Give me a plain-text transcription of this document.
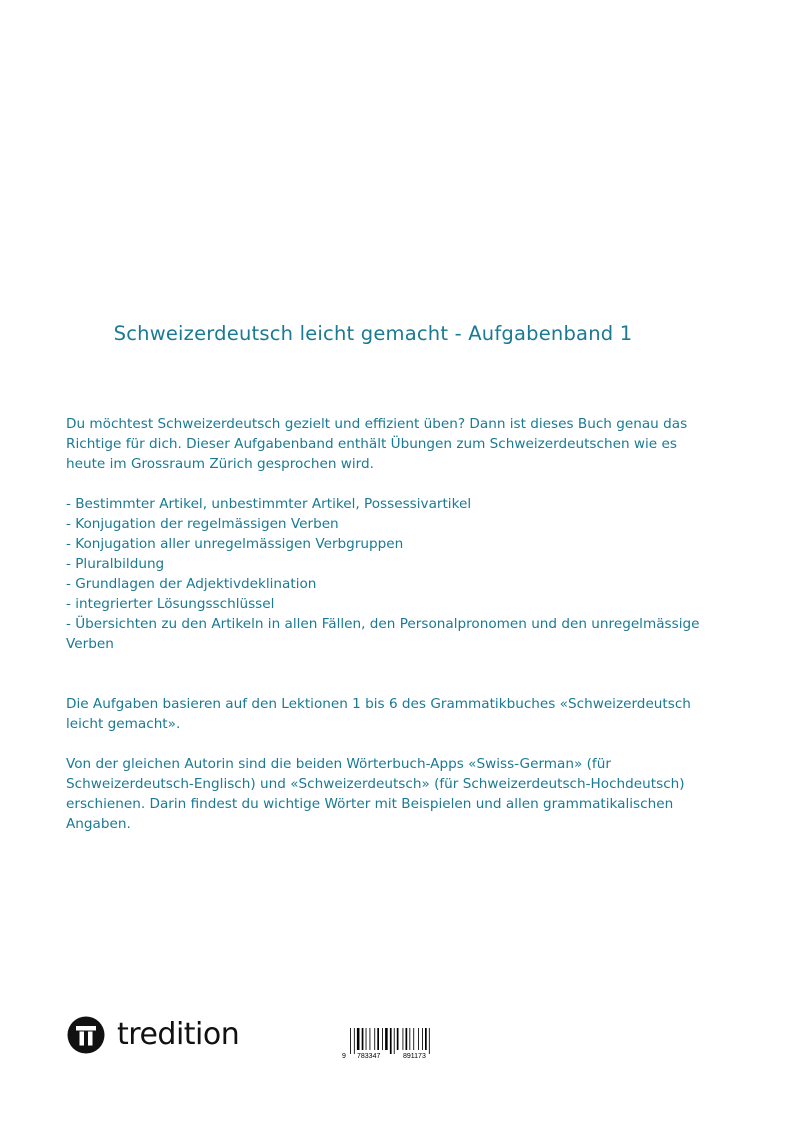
Schweizerdeutsch leicht gemacht - Aufgabenband 1

Du möchtest Schweizerdeutsch gezielt und effizient üben? Dann ist dieses Buch genau das Richtige für dich. Dieser Aufgabenband enthält Übungen zum Schweizerdeutschen wie es heute im Grossraum Zürich gesprochen wird.

- Bestimmter Artikel, unbestimmter Artikel, Possessivartikel
- Konjugation der regelmässigen Verben
- Konjugation aller unregelmässigen Verbgruppen
- Pluralbildung
- Grundlagen der Adjektivdeklination
- integrierter Lösungsschlüssel
- Übersichten zu den Artikeln in allen Fällen, den Personalpronomen und den unregelmässige Verben

Die Aufgaben basieren auf den Lektionen 1 bis 6 des Grammatikbuches «Schweizerdeutsch leicht gemacht».

Von der gleichen Autorin sind die beiden Wörterbuch-Apps «Swiss-German» (für Schweizerdeutsch-Englisch) und «Schweizerdeutsch» (für Schweizerdeutsch-Hochdeutsch) erschienen. Darin findest du wichtige Wörter mit Beispielen und allen grammatikalischen Angaben.

tredition
9 783347	891173
